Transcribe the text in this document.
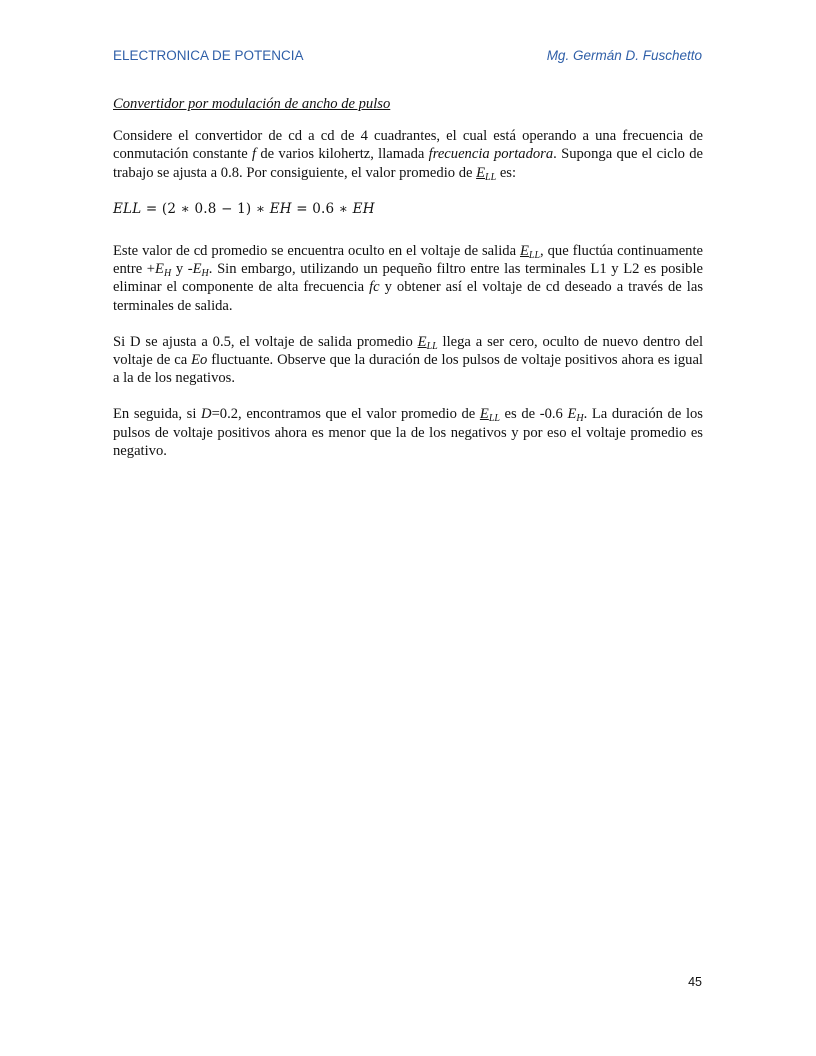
ELECTRONICA DE POTENCIA	Mg. Germán D. Fuschetto
Convertidor por modulación de ancho de pulso

Considere el convertidor de cd a cd de 4 cuadrantes, el cual está operando a una frecuencia de conmutación constante f de varios kilohertz, llamada frecuencia portadora. Suponga que el ciclo de trabajo se ajusta a 0.8. Por consiguiente, el valor promedio de $E_{LL}$ es:

ELL = (2 ∗ 0.8 − 1) ∗ EH = 0.6 ∗ EH

Este valor de cd promedio se encuentra oculto en el voltaje de salida $E_{LL}$, que fluctúa continuamente entre $+E_H$ y $-E_H$. Sin embargo, utilizando un pequeño filtro entre las terminales L1 y L2 es posible eliminar el componente de alta frecuencia fc y obtener así el voltaje de cd deseado a través de las terminales de salida.

Si D se ajusta a 0.5, el voltaje de salida promedio $E_{LL}$ llega a ser cero, oculto de nuevo dentro del voltaje de ca Eo fluctuante. Observe que la duración de los pulsos de voltaje positivos ahora es igual a la de los negativos.

En seguida, si D=0.2, encontramos que el valor promedio de $E_{LL}$ es de -0.6 $E_H$. La duración de los pulsos de voltaje positivos ahora es menor que la de los negativos y por eso el voltaje promedio es negativo.

45
